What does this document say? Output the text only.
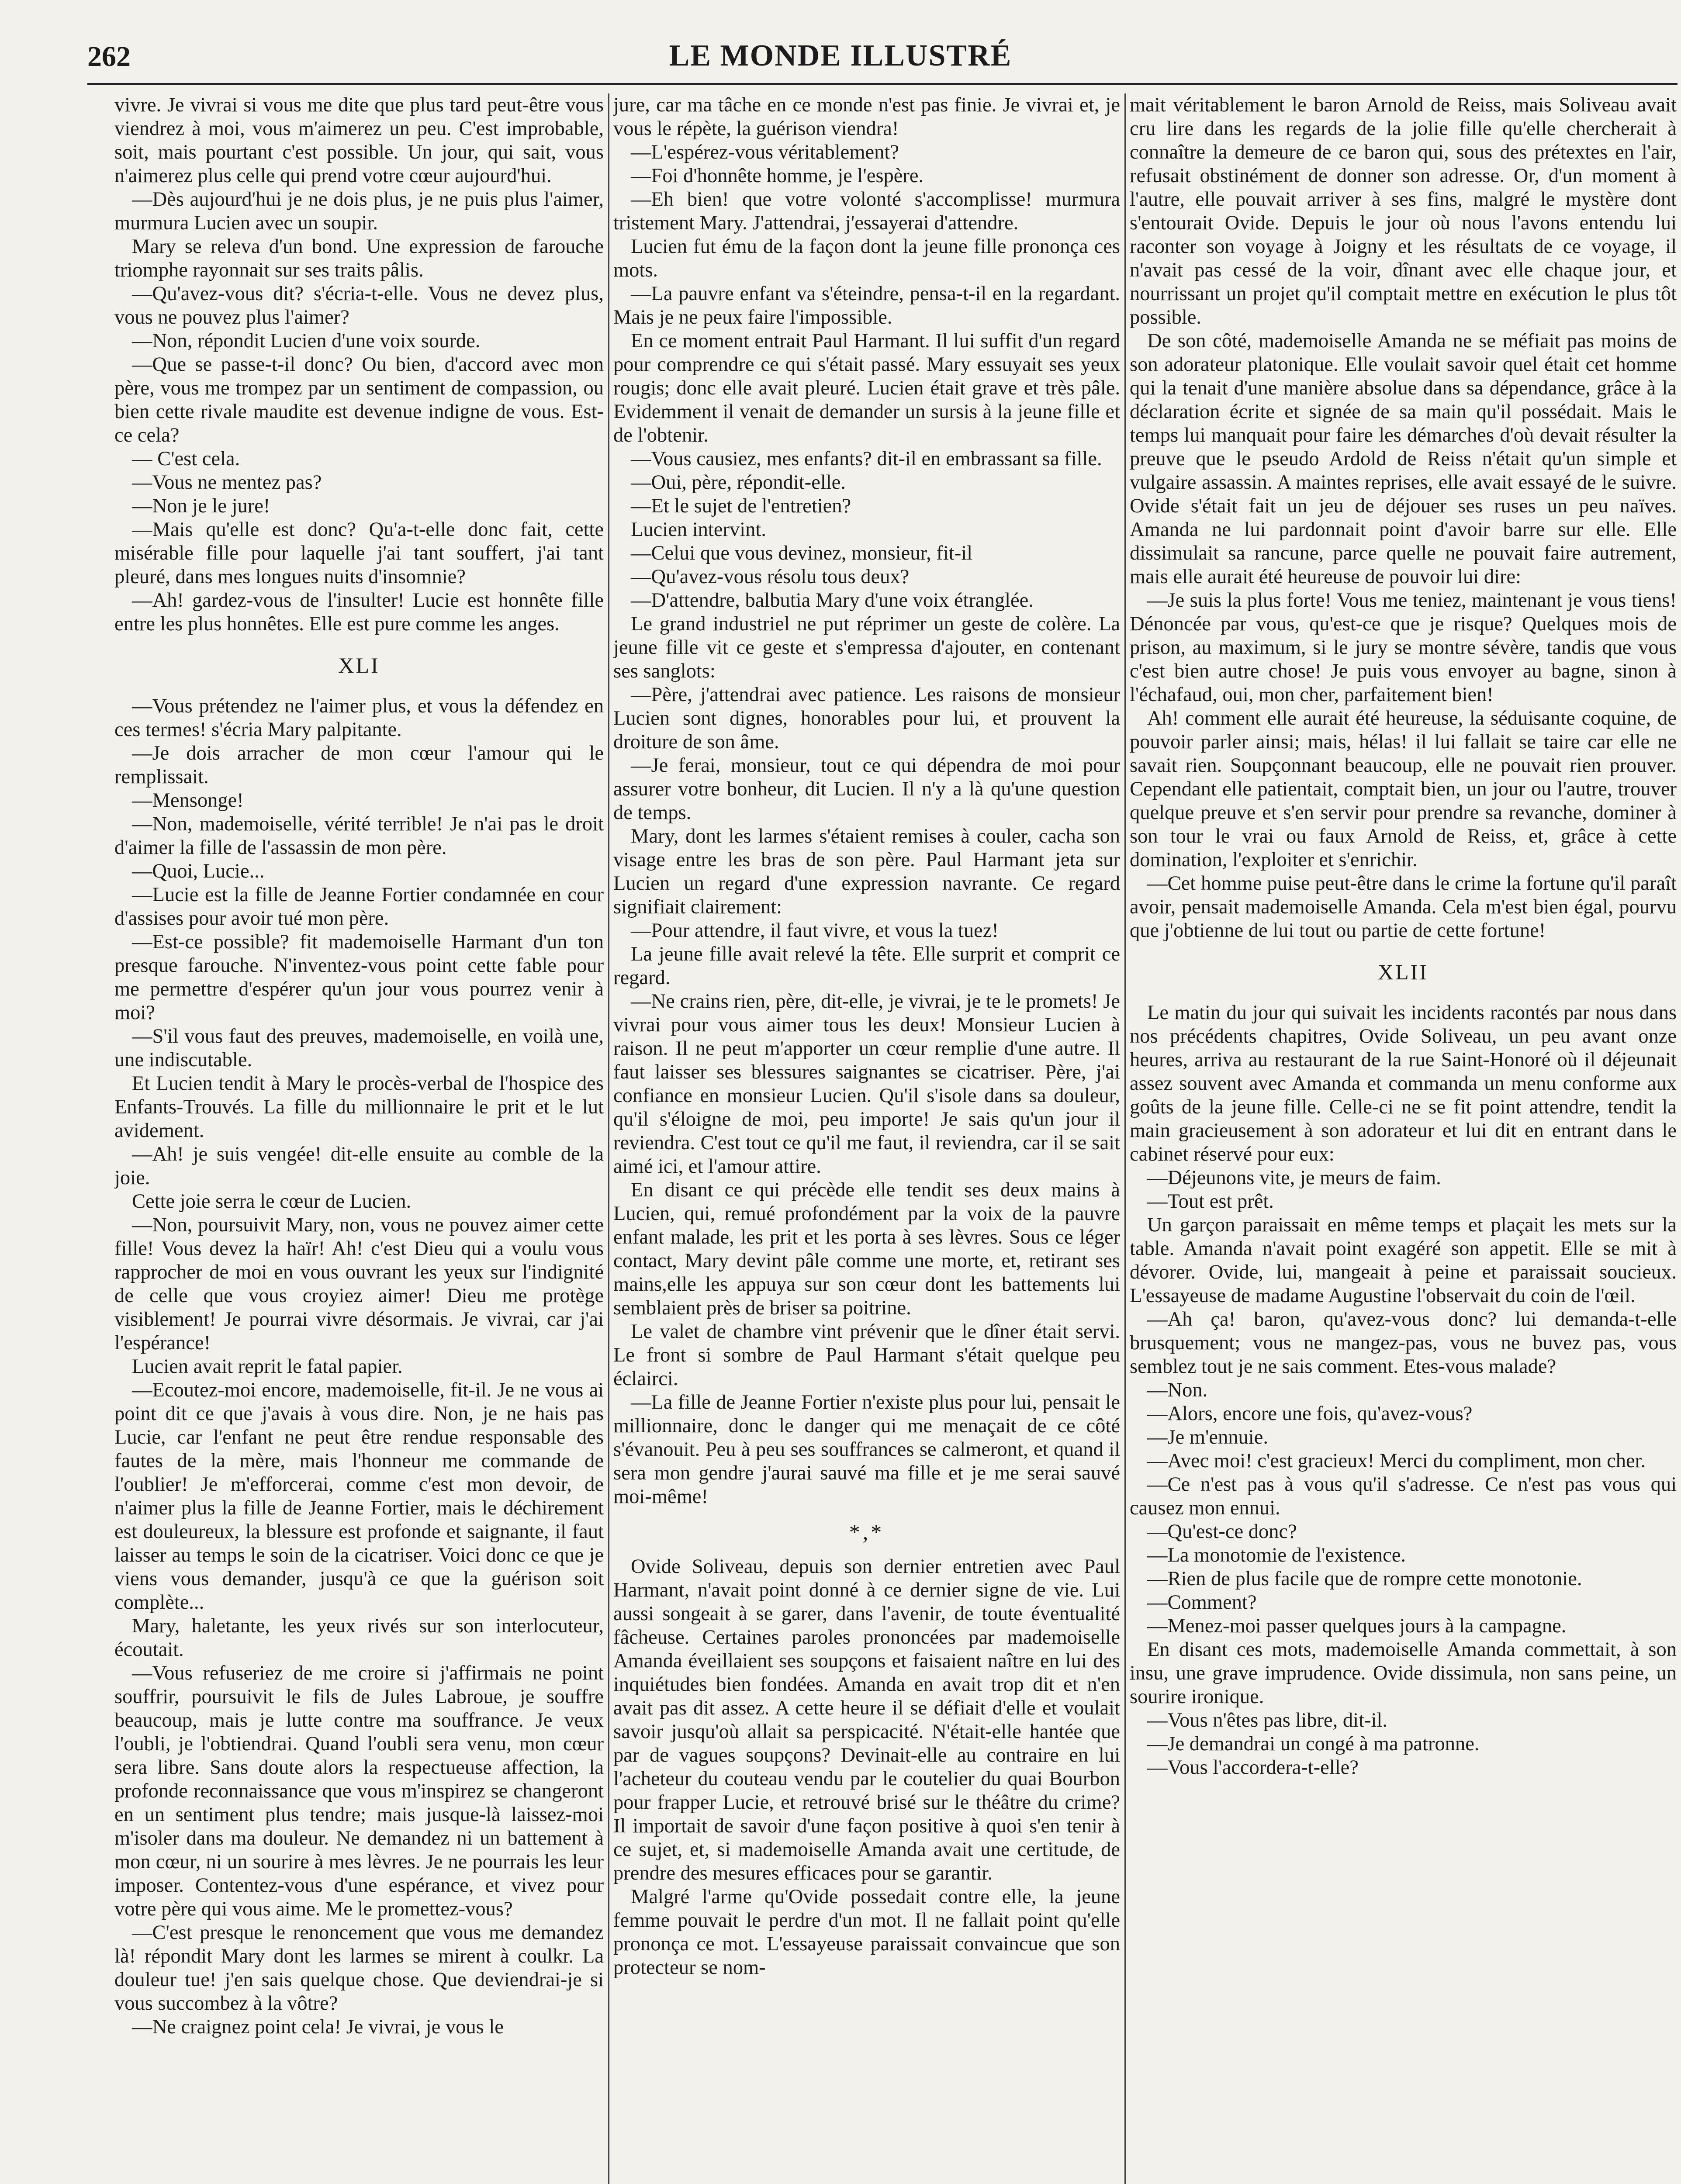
262	LE MONDE ILLUSTRÉ

vivre. Je vivrai si vous me dite que plus tard peut-être vous viendrez à moi, vous m'aimerez un peu. C'est improbable, soit, mais pourtant c'est possible. Un jour, qui sait, vous n'aimerez plus celle qui prend votre cœur aujourd'hui.

—Dès aujourd'hui je ne dois plus, je ne puis plus l'aimer, murmura Lucien avec un soupir.

Mary se releva d'un bond. Une expression de farouche triomphe rayonnait sur ses traits pâlis.

—Qu'avez-vous dit? s'écria-t-elle. Vous ne devez plus, vous ne pouvez plus l'aimer?

—Non, répondit Lucien d'une voix sourde.

—Que se passe-t-il donc? Ou bien, d'accord avec mon père, vous me trompez par un sentiment de compassion, ou bien cette rivale maudite est devenue indigne de vous. Est-ce cela?

— C'est cela.

—Vous ne mentez pas?

—Non je le jure!

—Mais qu'elle est donc? Qu'a-t-elle donc fait, cette misérable fille pour laquelle j'ai tant souffert, j'ai tant pleuré, dans mes longues nuits d'insomnie?

—Ah! gardez-vous de l'insulter! Lucie est honnête fille entre les plus honnêtes. Elle est pure comme les anges.

XLI

—Vous prétendez ne l'aimer plus, et vous la défendez en ces termes! s'écria Mary palpitante.

—Je dois arracher de mon cœur l'amour qui le remplissait.

—Mensonge!

—Non, mademoiselle, vérité terrible! Je n'ai pas le droit d'aimer la fille de l'assassin de mon père.

—Quoi, Lucie...

—Lucie est la fille de Jeanne Fortier condamnée en cour d'assises pour avoir tué mon père.

—Est-ce possible? fit mademoiselle Harmant d'un ton presque farouche. N'inventez-vous point cette fable pour me permettre d'espérer qu'un jour vous pourrez venir à moi?

—S'il vous faut des preuves, mademoiselle, en voilà une, une indiscutable.

Et Lucien tendit à Mary le procès-verbal de l'hospice des Enfants-Trouvés. La fille du millionnaire le prit et le lut avidement.

—Ah! je suis vengée! dit-elle ensuite au comble de la joie.

Cette joie serra le cœur de Lucien.

—Non, poursuivit Mary, non, vous ne pouvez aimer cette fille! Vous devez la haïr! Ah! c'est Dieu qui a voulu vous rapprocher de moi en vous ouvrant les yeux sur l'indignité de celle que vous croyiez aimer! Dieu me protège visiblement! Je pourrai vivre désormais. Je vivrai, car j'ai l'espérance!

Lucien avait reprit le fatal papier.

—Ecoutez-moi encore, mademoiselle, fit-il. Je ne vous ai point dit ce que j'avais à vous dire. Non, je ne hais pas Lucie, car l'enfant ne peut être rendue responsable des fautes de la mère, mais l'honneur me commande de l'oublier! Je m'efforcerai, comme c'est mon devoir, de n'aimer plus la fille de Jeanne Fortier, mais le déchirement est douleureux, la blessure est profonde et saignante, il faut laisser au temps le soin de la cicatriser. Voici donc ce que je viens vous demander, jusqu'à ce que la guérison soit complète...

Mary, haletante, les yeux rivés sur son interlocuteur, écoutait.

—Vous refuseriez de me croire si j'affirmais ne point souffrir, poursuivit le fils de Jules Labroue, je souffre beaucoup, mais je lutte contre ma souffrance. Je veux l'oubli, je l'obtiendrai. Quand l'oubli sera venu, mon cœur sera libre. Sans doute alors la respectueuse affection, la profonde reconnaissance que vous m'inspirez se changeront en un sentiment plus tendre; mais jusque-là laissez-moi m'isoler dans ma douleur. Ne demandez ni un battement à mon cœur, ni un sourire à mes lèvres. Je ne pourrais les leur imposer. Contentez-vous d'une espérance, et vivez pour votre père qui vous aime. Me le promettez-vous?

—C'est presque le renoncement que vous me demandez là! répondit Mary dont les larmes se mirent à coulkr. La douleur tue! j'en sais quelque chose. Que deviendrai-je si vous succombez à la vôtre?

—Ne craignez point cela! Je vivrai, je vous le

jure, car ma tâche en ce monde n'est pas finie. Je vivrai et, je vous le répète, la guérison viendra!

—L'espérez-vous véritablement?

—Foi d'honnête homme, je l'espère.

—Eh bien! que votre volonté s'accomplisse! murmura tristement Mary. J'attendrai, j'essayerai d'attendre.

Lucien fut ému de la façon dont la jeune fille prononça ces mots.

—La pauvre enfant va s'éteindre, pensa-t-il en la regardant. Mais je ne peux faire l'impossible.

En ce moment entrait Paul Harmant. Il lui suffit d'un regard pour comprendre ce qui s'était passé. Mary essuyait ses yeux rougis; donc elle avait pleuré. Lucien était grave et très pâle. Evidemment il venait de demander un sursis à la jeune fille et de l'obtenir.

—Vous causiez, mes enfants? dit-il en embrassant sa fille.

—Oui, père, répondit-elle.

—Et le sujet de l'entretien?

Lucien intervint.

—Celui que vous devinez, monsieur, fit-il

—Qu'avez-vous résolu tous deux?

—D'attendre, balbutia Mary d'une voix étranglée.

Le grand industriel ne put réprimer un geste de colère. La jeune fille vit ce geste et s'empressa d'ajouter, en contenant ses sanglots:

—Père, j'attendrai avec patience. Les raisons de monsieur Lucien sont dignes, honorables pour lui, et prouvent la droiture de son âme.

—Je ferai, monsieur, tout ce qui dépendra de moi pour assurer votre bonheur, dit Lucien. Il n'y a là qu'une question de temps.

Mary, dont les larmes s'étaient remises à couler, cacha son visage entre les bras de son père. Paul Harmant jeta sur Lucien un regard d'une expression navrante. Ce regard signifiait clairement:

—Pour attendre, il faut vivre, et vous la tuez!

La jeune fille avait relevé la tête. Elle surprit et comprit ce regard.

—Ne crains rien, père, dit-elle, je vivrai, je te le promets! Je vivrai pour vous aimer tous les deux! Monsieur Lucien à raison. Il ne peut m'apporter un cœur remplie d'une autre. Il faut laisser ses blessures saignantes se cicatriser. Père, j'ai confiance en monsieur Lucien. Qu'il s'isole dans sa douleur, qu'il s'éloigne de moi, peu importe! Je sais qu'un jour il reviendra. C'est tout ce qu'il me faut, il reviendra, car il se sait aimé ici, et l'amour attire.

En disant ce qui précède elle tendit ses deux mains à Lucien, qui, remué profondément par la voix de la pauvre enfant malade, les prit et les porta à ses lèvres. Sous ce léger contact, Mary devint pâle comme une morte, et, retirant ses mains,elle les appuya sur son cœur dont les battements lui semblaient près de briser sa poitrine.

Le valet de chambre vint prévenir que le dîner était servi. Le front si sombre de Paul Harmant s'était quelque peu éclairci.

—La fille de Jeanne Fortier n'existe plus pour lui, pensait le millionnaire, donc le danger qui me menaçait de ce côté s'évanouit. Peu à peu ses souffrances se calmeront, et quand il sera mon gendre j'aurai sauvé ma fille et je me serai sauvé moi-même!

*,*

Ovide Soliveau, depuis son dernier entretien avec Paul Harmant, n'avait point donné à ce dernier signe de vie. Lui aussi songeait à se garer, dans l'avenir, de toute éventualité fâcheuse. Certaines paroles prononcées par mademoiselle Amanda éveillaient ses soupçons et faisaient naître en lui des inquiétudes bien fondées. Amanda en avait trop dit et n'en avait pas dit assez. A cette heure il se défiait d'elle et voulait savoir jusqu'où allait sa perspicacité. N'était-elle hantée que par de vagues soupçons? Devinait-elle au contraire en lui l'acheteur du couteau vendu par le coutelier du quai Bourbon pour frapper Lucie, et retrouvé brisé sur le théâtre du crime? Il importait de savoir d'une façon positive à quoi s'en tenir à ce sujet, et, si mademoiselle Amanda avait une certitude, de prendre des mesures efficaces pour se garantir.

Malgré l'arme qu'Ovide possedait contre elle, la jeune femme pouvait le perdre d'un mot. Il ne fallait point qu'elle prononça ce mot. L'essayeuse paraissait convaincue que son protecteur se nom-

mait véritablement le baron Arnold de Reiss, mais Soliveau avait cru lire dans les regards de la jolie fille qu'elle chercherait à connaître la demeure de ce baron qui, sous des prétextes en l'air, refusait obstinément de donner son adresse. Or, d'un moment à l'autre, elle pouvait arriver à ses fins, malgré le mystère dont s'entourait Ovide. Depuis le jour où nous l'avons entendu lui raconter son voyage à Joigny et les résultats de ce voyage, il n'avait pas cessé de la voir, dînant avec elle chaque jour, et nourrissant un projet qu'il comptait mettre en exécution le plus tôt possible.

De son côté, mademoiselle Amanda ne se méfiait pas moins de son adorateur platonique. Elle voulait savoir quel était cet homme qui la tenait d'une manière absolue dans sa dépendance, grâce à la déclaration écrite et signée de sa main qu'il possédait. Mais le temps lui manquait pour faire les démarches d'où devait résulter la preuve que le pseudo Ardold de Reiss n'était qu'un simple et vulgaire assassin. A maintes reprises, elle avait essayé de le suivre. Ovide s'était fait un jeu de déjouer ses ruses un peu naïves. Amanda ne lui pardonnait point d'avoir barre sur elle. Elle dissimulait sa rancune, parce quelle ne pouvait faire autrement, mais elle aurait été heureuse de pouvoir lui dire:

—Je suis la plus forte! Vous me teniez, maintenant je vous tiens! Dénoncée par vous, qu'est-ce que je risque? Quelques mois de prison, au maximum, si le jury se montre sévère, tandis que vous c'est bien autre chose! Je puis vous envoyer au bagne, sinon à l'échafaud, oui, mon cher, parfaitement bien!

Ah! comment elle aurait été heureuse, la séduisante coquine, de pouvoir parler ainsi; mais, hélas! il lui fallait se taire car elle ne savait rien. Soupçonnant beaucoup, elle ne pouvait rien prouver. Cependant elle patientait, comptait bien, un jour ou l'autre, trouver quelque preuve et s'en servir pour prendre sa revanche, dominer à son tour le vrai ou faux Arnold de Reiss, et, grâce à cette domination, l'exploiter et s'enrichir.

—Cet homme puise peut-être dans le crime la fortune qu'il paraît avoir, pensait mademoiselle Amanda. Cela m'est bien égal, pourvu que j'obtienne de lui tout ou partie de cette fortune!

XLII

Le matin du jour qui suivait les incidents racontés par nous dans nos précédents chapitres, Ovide Soliveau, un peu avant onze heures, arriva au restaurant de la rue Saint-Honoré où il déjeunait assez souvent avec Amanda et commanda un menu conforme aux goûts de la jeune fille. Celle-ci ne se fit point attendre, tendit la main gracieusement à son adorateur et lui dit en entrant dans le cabinet réservé pour eux:

—Déjeunons vite, je meurs de faim.

—Tout est prêt.

Un garçon paraissait en même temps et plaçait les mets sur la table. Amanda n'avait point exagéré son appetit. Elle se mit à dévorer. Ovide, lui, mangeait à peine et paraissait soucieux. L'essayeuse de madame Augustine l'observait du coin de l'œil.

—Ah ça! baron, qu'avez-vous donc? lui demanda-t-elle brusquement; vous ne mangez-pas, vous ne buvez pas, vous semblez tout je ne sais comment. Etes-vous malade?

—Non.

—Alors, encore une fois, qu'avez-vous?

—Je m'ennuie.

—Avec moi! c'est gracieux! Merci du compliment, mon cher.

—Ce n'est pas à vous qu'il s'adresse. Ce n'est pas vous qui causez mon ennui.

—Qu'est-ce donc?

—La monotomie de l'existence.

—Rien de plus facile que de rompre cette monotonie.

—Comment?

—Menez-moi passer quelques jours à la campagne.

En disant ces mots, mademoiselle Amanda commettait, à son insu, une grave imprudence. Ovide dissimula, non sans peine, un sourire ironique.

—Vous n'êtes pas libre, dit-il.

—Je demandrai un congé à ma patronne.

—Vous l'accordera-t-elle?
